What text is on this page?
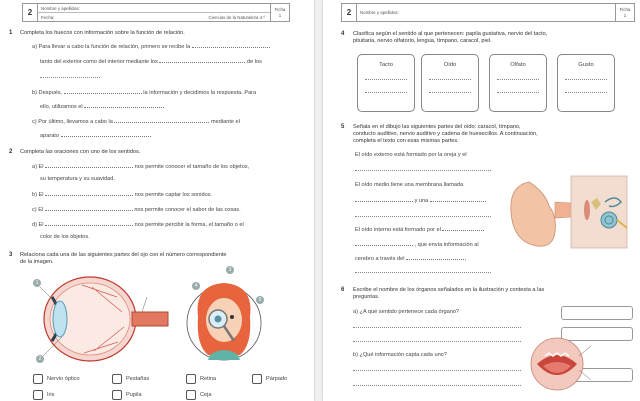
2	Nombre y apellidos:
Fecha:	Ciencias de la Naturaleza 4.º
Ficha
1
1 Completa los huecos con información sobre la función de relación.
a) Para llevar a cabo la función de relación, primero se recibe la
tanto del exterior como del interior mediante los	de los
b) Después,	la información y decidimos la respuesta. Para
ello, utilizamos el
c) Por último, llevamos a cabo la	mediante el
aparato
2 Completa las oraciones con uno de los sentidos.
a) El	nos permite conocer el tamaño de los objetos,
su temperatura y su suavidad.
b) El	nos permite captar los sonidos.
c) El	nos permite conocer el sabor de las cosas.
d) El	nos permite percibir la forma, el tamaño o el
color de los objetos.
3 Relaciona cada una de las siguientes partes del ojo con el número correspondiente
de la imagen.
1
2
3
4
5
Nervio óptico	Pestañas	Retina	Párpado
Iris	Pupila	Ceja
2	Nombre y apellidos:
Ficha
1
4 Clasifica según el sentido al que pertenecen: papila gustativa, nervio del tacto,
pituitaria, nervio olfatorio, lengua, tímpano, caracol, piel.
Tacto	Oído	Olfato	Gusto
5 Señala en el dibujo las siguientes partes del oído: caracol, tímpano,
conducto auditivo, nervio auditivo y cadena de huesecillos. A continuación,
completa el texto con esas mismas partes.
El oído externo está formado por la oreja y el
El oído medio tiene una membrana llamada
y una
El oído interno está formado por el
, que envía información al
cerebro a través del
6 Escribe el nombre de los órganos señalados en la ilustración y contesta a las
preguntas.
a) ¿A qué sentido pertenece cada órgano?
b) ¿Qué información capta cada uno?
